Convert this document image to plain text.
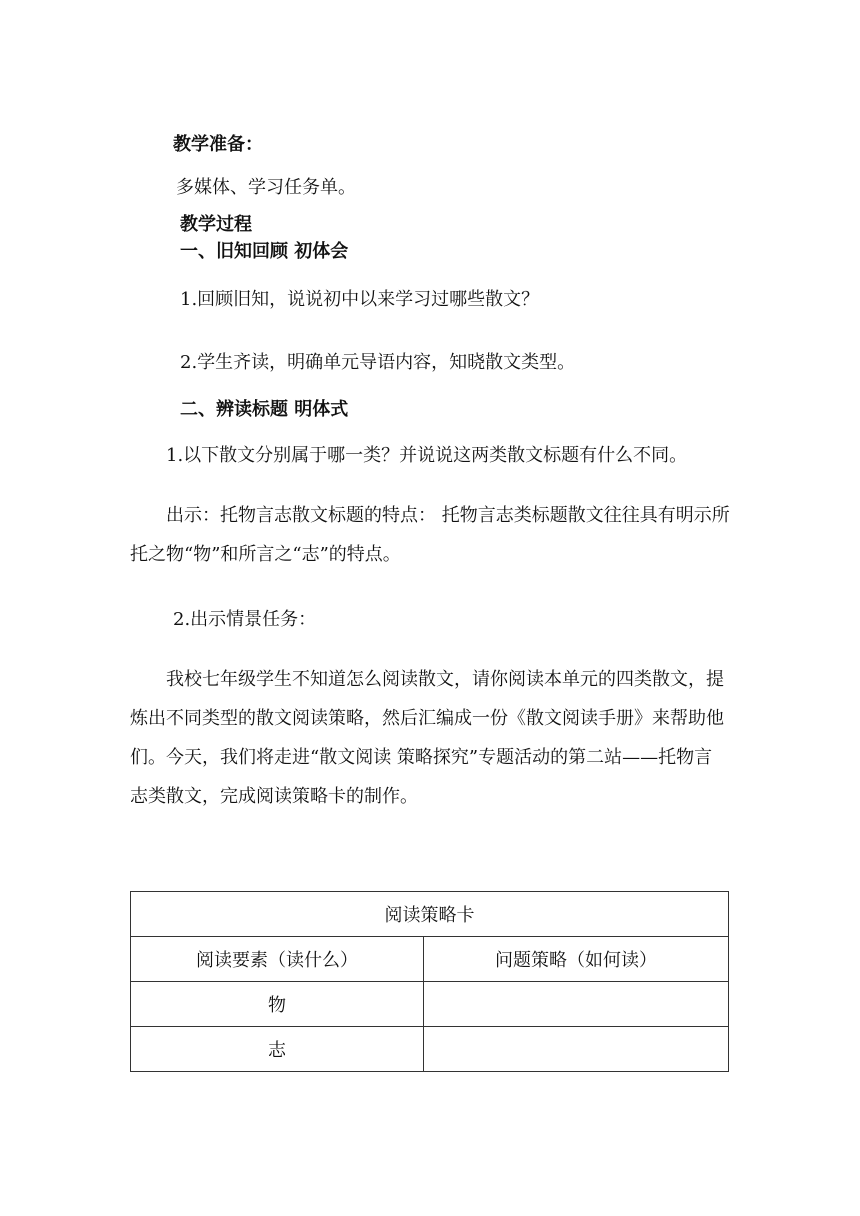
教学准备：
多媒体、学习任务单。
教学过程
一、旧知回顾 初体会
1.回顾旧知，说说初中以来学习过哪些散文？
2.学生齐读，明确单元导语内容，知晓散文类型。
二、辨读标题 明体式
1.以下散文分别属于哪一类？并说说这两类散文标题有什么不同。
出示：托物言志散文标题的特点： 托物言志类标题散文往往具有明示所托之物“物”和所言之“志”的特点。
2.出示情景任务：
我校七年级学生不知道怎么阅读散文，请你阅读本单元的四类散文，提炼出不同类型的散文阅读策略，然后汇编成一份《散文阅读手册》来帮助他们。今天，我们将走进“散文阅读 策略探究”专题活动的第二站——托物言志类散文，完成阅读策略卡的制作。
阅读策略卡	
阅读要素（读什么）	问题策略（如何读）
物	
志	
